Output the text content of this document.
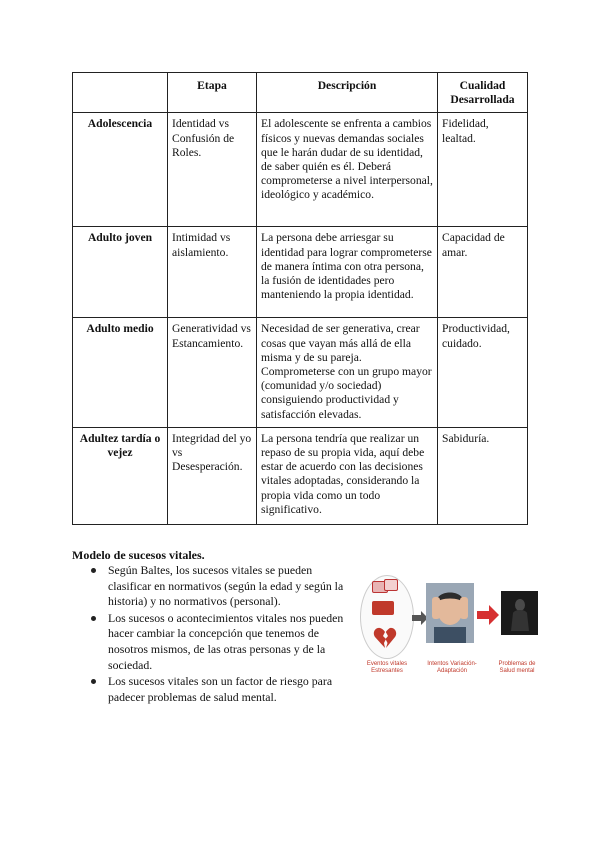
	Etapa	Descripción	Cualidad Desarrollada
Adolescencia	Identidad vs Confusión de Roles.	El adolescente se enfrenta a cambios físicos y nuevas demandas sociales que le harán dudar de su identidad, de saber quién es él. Deberá comprometerse a nivel interpersonal, ideológico y académico.	Fidelidad, lealtad.
Adulto joven	Intimidad vs aislamiento.	La persona debe arriesgar su identidad para lograr comprometerse de manera íntima con otra persona, la fusión de identidades pero manteniendo la propia identidad.	Capacidad de amar.
Adulto medio	Generatividad vs Estancamiento.	Necesidad de ser generativa, crear cosas que vayan más allá de ella misma y de su pareja. Comprometerse con un grupo mayor (comunidad y/o sociedad) consiguiendo productividad y satisfacción elevadas.	Productividad, cuidado.
Adultez tardía o vejez	Integridad del yo vs Desesperación.	La persona tendría que realizar un repaso de su propia vida, aquí debe estar de acuerdo con las decisiones vitales adoptadas, considerando la propia vida como un todo significativo.	Sabiduría.
Modelo de sucesos vitales.
Según Baltes, los sucesos vitales se pueden clasificar en normativos (según la edad y según la historia) y no normativos (personal).
Los sucesos o acontecimientos vitales nos pueden hacer cambiar la concepción que tenemos de nosotros mismos, de las otras personas y de la sociedad.
Los sucesos vitales son un factor de riesgo para padecer problemas de salud mental.
Eventos vitales Estresantes
Intentos Variación-Adaptación
Problemas de Salud mental
